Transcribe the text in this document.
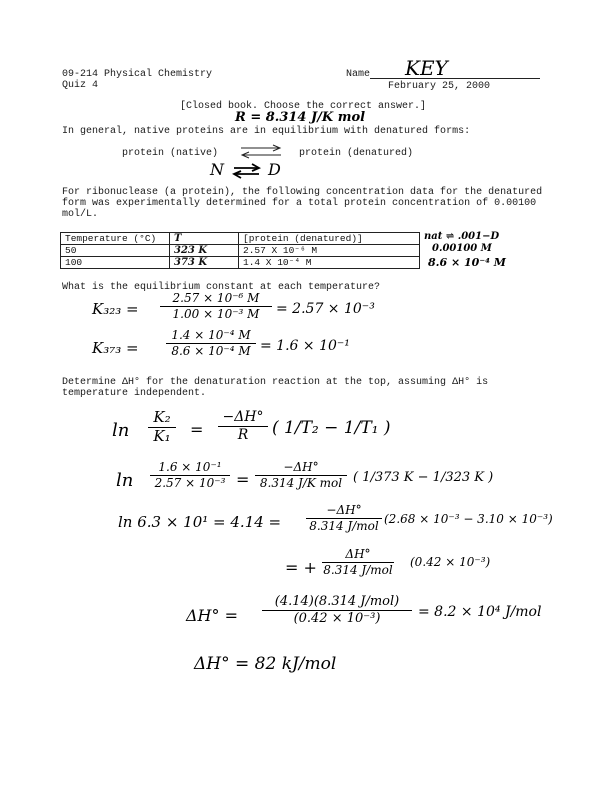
09-214 Physical Chemistry
Quiz 4
Name KEY
February 25, 2000
[Closed book. Choose the correct answer.]
R = 8.314 J/K mol
In general, native proteins are in equilibrium with denatured forms:
protein (native)	protein (denatured)
N	D
For ribonuclease (a protein), the following concentration data for the denatured
form was experimentally determined for a total protein concentration of 0.00100
mol/L.
Temperature (°C)	T	[protein (denatured)]
50	323 K	2.57 X 10⁻⁶ M
100	373 K	1.4 X 10⁻⁴ M
nat ⇌ .001−D
0.00100 M
8.6 × 10⁻⁴ M
What is the equilibrium constant at each temperature?
K₃₂₃ =
2.57 × 10⁻⁶ M
1.00 × 10⁻³ M	= 2.57 × 10⁻³
K₃₇₃ =
1.4 × 10⁻⁴ M
8.6 × 10⁻⁴ M = 1.6 × 10⁻¹
Determine ΔH° for the denaturation reaction at the top, assuming ΔH° is
temperature independent.
ln
K₂
K₁	=
−ΔH°
R	( 1/T₂ − 1/T₁ )
ln
1.6 × 10⁻¹
2.57 × 10⁻³ =
−ΔH°
8.314 J/K mol ( 1/373 K − 1/323 K )
ln 6.3 × 10¹ = 4.14 =
−ΔH°
8.314 J/mol (2.68 × 10⁻³ − 3.10 × 10⁻³)
= +
ΔH°
8.314 J/mol
(0.42 × 10⁻³)
ΔH° =
(4.14)(8.314 J/mol)
(0.42 × 10⁻³)	= 8.2 × 10⁴ J/mol
ΔH° = 82 kJ/mol
